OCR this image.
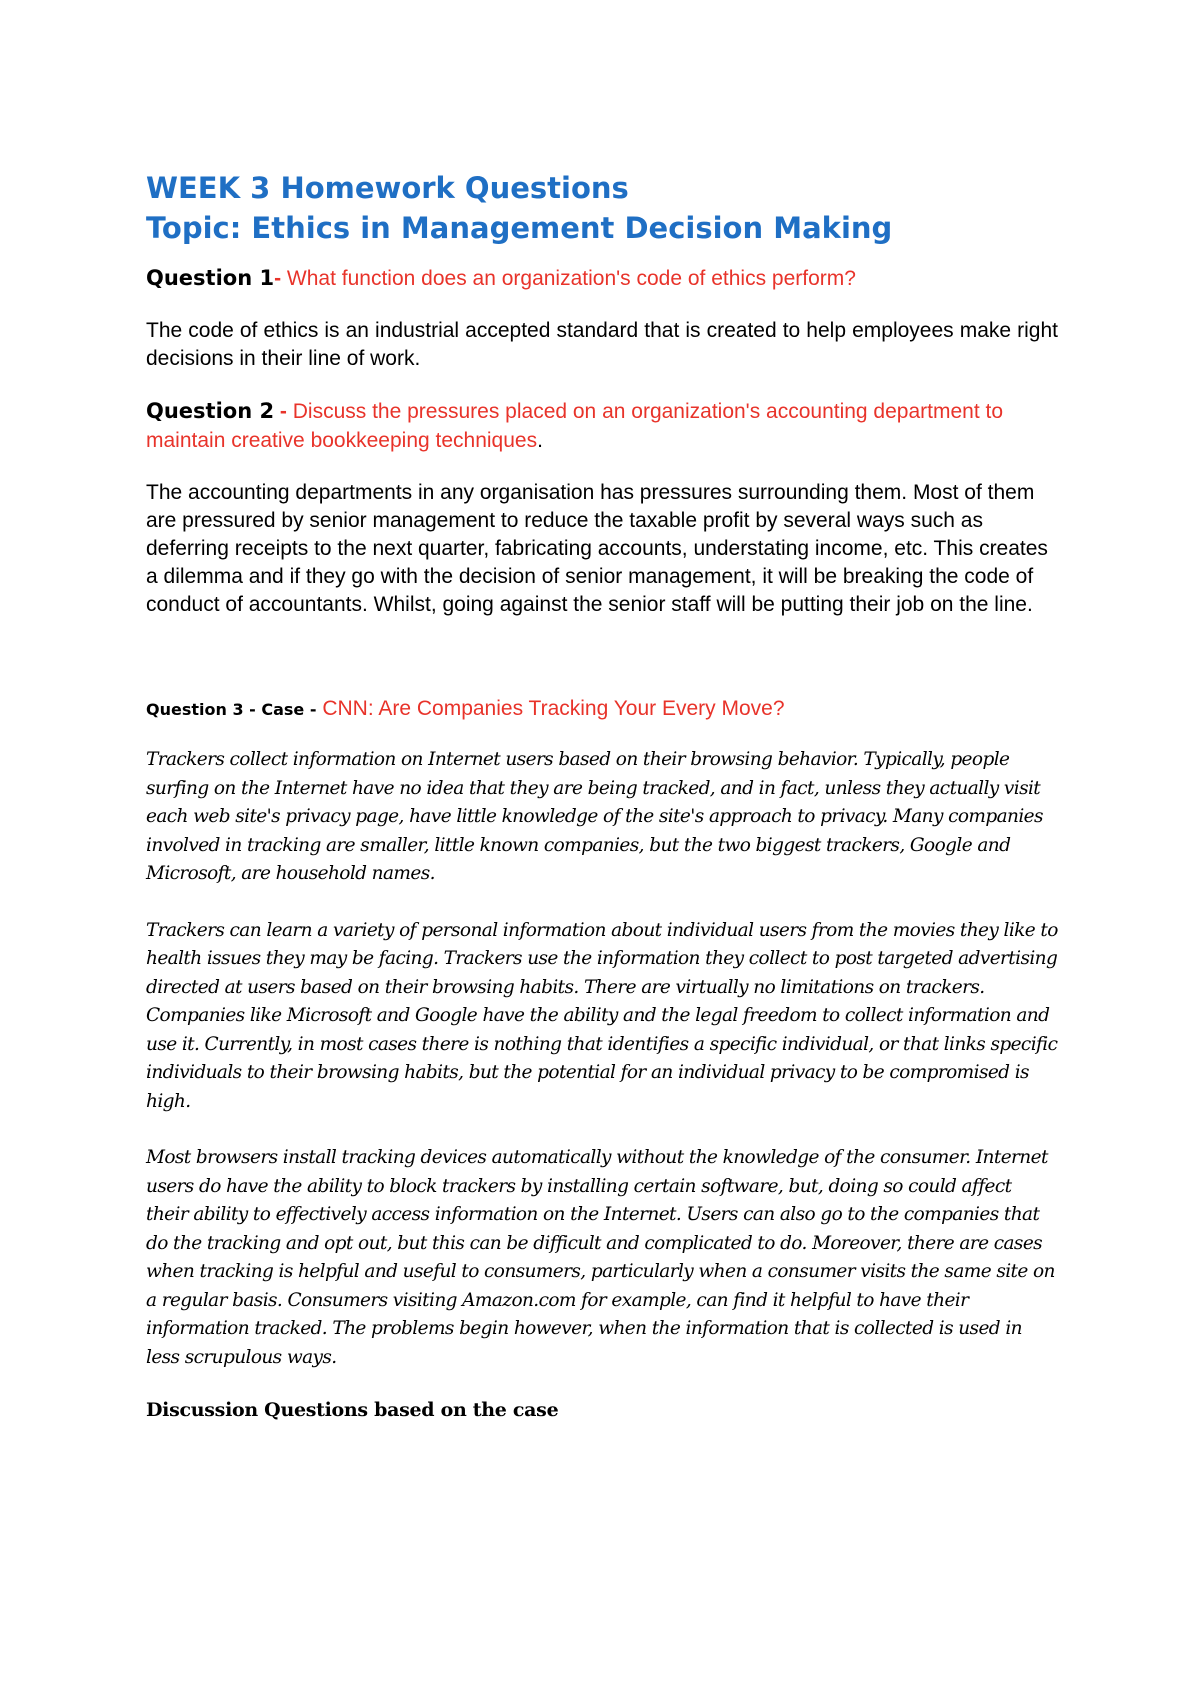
WEEK 3 Homework Questions
Topic: Ethics in Management Decision Making

Question 1- What function does an organization's code of ethics perform?

The code of ethics is an industrial accepted standard that is created to help employees make right decisions in their line of work.

Question 2 - Discuss the pressures placed on an organization's accounting department to maintain creative bookkeeping techniques.

The accounting departments in any organisation has pressures surrounding them. Most of them are pressured by senior management to reduce the taxable profit by several ways such as deferring receipts to the next quarter, fabricating accounts, understating income, etc. This creates a dilemma and if they go with the decision of senior management, it will be breaking the code of conduct of accountants. Whilst, going against the senior staff will be putting their job on the line.

Question 3 - Case - CNN: Are Companies Tracking Your Every Move?

Trackers collect information on Internet users based on their browsing behavior. Typically, people surfing on the Internet have no idea that they are being tracked, and in fact, unless they actually visit each web site's privacy page, have little knowledge of the site's approach to privacy. Many companies involved in tracking are smaller, little known companies, but the two biggest trackers, Google and Microsoft, are household names.

Trackers can learn a variety of personal information about individual users from the movies they like to health issues they may be facing. Trackers use the information they collect to post targeted advertising directed at users based on their browsing habits. There are virtually no limitations on trackers. Companies like Microsoft and Google have the ability and the legal freedom to collect information and use it. Currently, in most cases there is nothing that identifies a specific individual, or that links specific individuals to their browsing habits, but the potential for an individual privacy to be compromised is high.

Most browsers install tracking devices automatically without the knowledge of the consumer. Internet users do have the ability to block trackers by installing certain software, but, doing so could affect their ability to effectively access information on the Internet. Users can also go to the companies that do the tracking and opt out, but this can be difficult and complicated to do. Moreover, there are cases when tracking is helpful and useful to consumers, particularly when a consumer visits the same site on a regular basis. Consumers visiting Amazon.com for example, can find it helpful to have their information tracked. The problems begin however, when the information that is collected is used in less scrupulous ways.

Discussion Questions based on the case
